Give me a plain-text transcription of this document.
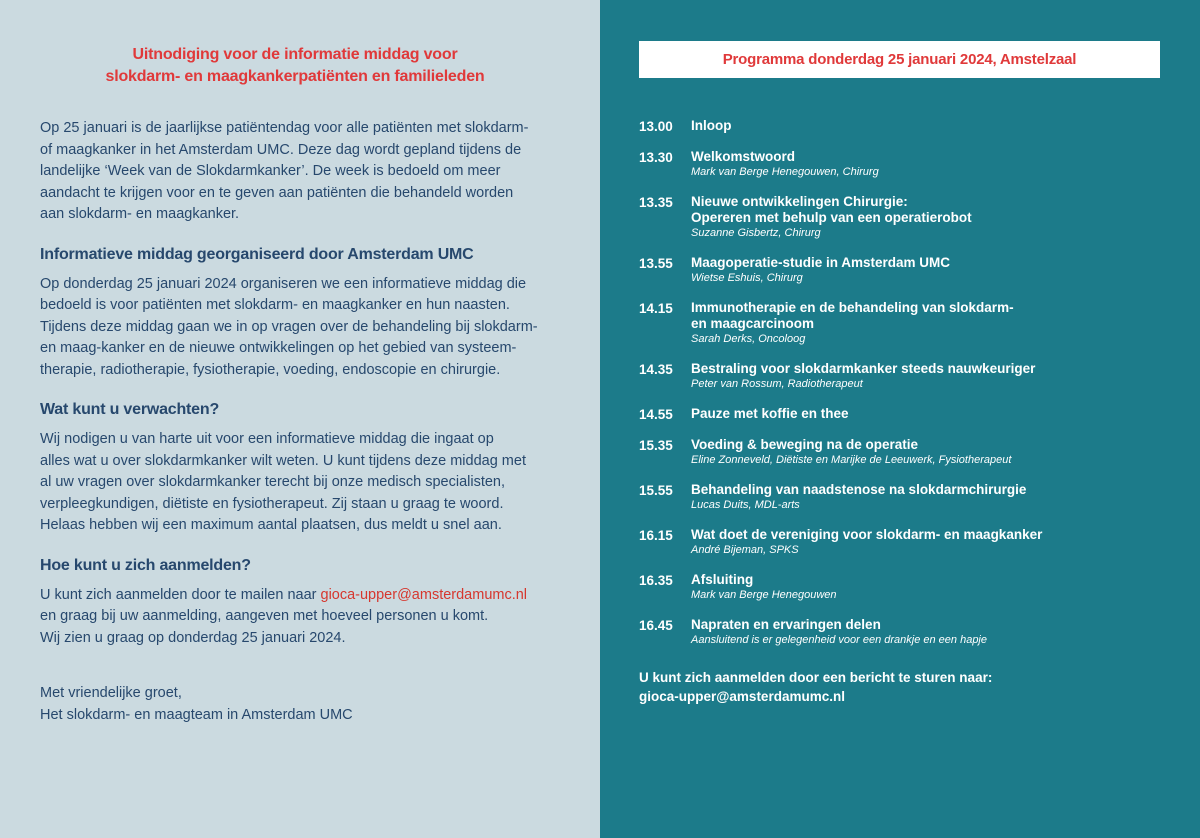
Uitnodiging voor de informatie middag voor
slokdarm- en maagkankerpatiënten en familieleden
Op 25 januari is de jaarlijkse patiëntendag voor alle patiënten met slokdarm-
of maagkanker in het Amsterdam UMC. Deze dag wordt gepland tijdens de
landelijke ‘Week van de Slokdarmkanker’. De week is bedoeld om meer
aandacht te krijgen voor en te geven aan patiënten die behandeld worden
aan slokdarm- en maagkanker.
Informatieve middag georganiseerd door Amsterdam UMC
Op donderdag 25 januari 2024 organiseren we een informatieve middag die
bedoeld is voor patiënten met slokdarm- en maagkanker en hun naasten.
Tijdens deze middag gaan we in op vragen over de behandeling bij slokdarm-
en maag-kanker en de nieuwe ontwikkelingen op het gebied van systeem-
therapie, radiotherapie, fysiotherapie, voeding, endoscopie en chirurgie.
Wat kunt u verwachten?
Wij nodigen u van harte uit voor een informatieve middag die ingaat op
alles wat u over slokdarmkanker wilt weten. U kunt tijdens deze middag met
al uw vragen over slokdarmkanker terecht bij onze medisch specialisten,
verpleegkundigen, diëtiste en fysiotherapeut. Zij staan u graag te woord.
Helaas hebben wij een maximum aantal plaatsen, dus meldt u snel aan.
Hoe kunt u zich aanmelden?
U kunt zich aanmelden door te mailen naar gioca-upper@amsterdamumc.nl
en graag bij uw aanmelding, aangeven met hoeveel personen u komt.
Wij zien u graag op donderdag 25 januari 2024.
Met vriendelijke groet,
Het slokdarm- en maagteam in Amsterdam UMC
Programma donderdag 25 januari 2024, Amstelzaal
13.00	Inloop
13.30	Welkomstwoord
Mark van Berge Henegouwen, Chirurg
13.35	Nieuwe ontwikkelingen Chirurgie:
Opereren met behulp van een operatierobot
Suzanne Gisbertz, Chirurg
13.55	Maagoperatie-studie in Amsterdam UMC
Wietse Eshuis, Chirurg
14.15	Immunotherapie en de behandeling van slokdarm-
en maagcarcinoom
Sarah Derks, Oncoloog
14.35	Bestraling voor slokdarmkanker steeds nauwkeuriger
Peter van Rossum, Radiotherapeut
14.55	Pauze met koffie en thee
15.35	Voeding & beweging na de operatie
Eline Zonneveld, Diëtiste en Marijke de Leeuwerk, Fysiotherapeut
15.55	Behandeling van naadstenose na slokdarmchirurgie
Lucas Duits, MDL-arts
16.15	Wat doet de vereniging voor slokdarm- en maagkanker
André Bijeman, SPKS
16.35	Afsluiting
Mark van Berge Henegouwen
16.45	Napraten en ervaringen delen
Aansluitend is er gelegenheid voor een drankje en een hapje
U kunt zich aanmelden door een bericht te sturen naar:
gioca-upper@amsterdamumc.nl
